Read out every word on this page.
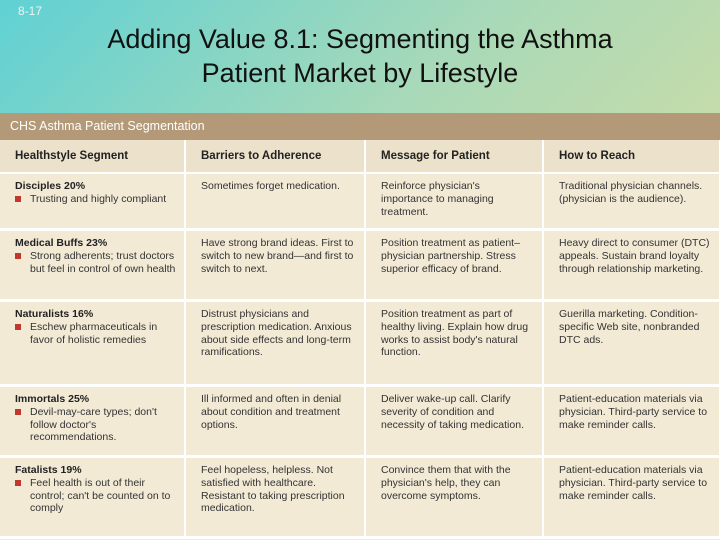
8-17
Adding Value 8.1: Segmenting the Asthma
Patient Market by Lifestyle
CHS Asthma Patient Segmentation
Healthstyle Segment	Barriers to Adherence	Message for Patient	How to Reach

Disciples 20%
Trusting and highly compliant	Sometimes forget medication.	Reinforce physician's importance to managing treatment.	Traditional physician channels. (physician is the audience).

Medical Buffs 23%
Strong adherents; trust doctors but feel in control of own health	Have strong brand ideas. First to switch to new brand—and first to switch to next.	Position treatment as patient–physician partnership. Stress superior efficacy of brand.	Heavy direct to consumer (DTC) appeals. Sustain brand loyalty through relationship marketing.

Naturalists 16%
Eschew pharmaceuticals in favor of holistic remedies	Distrust physicians and prescription medication. Anxious about side effects and long-term ramifications.	Position treatment as part of healthy living. Explain how drug works to assist body's natural function.	Guerilla marketing. Condition-specific Web site, nonbranded DTC ads.

Immortals 25%
Devil-may-care types; don't follow doctor's recommendations.	Ill informed and often in denial about condition and treatment options.	Deliver wake-up call. Clarify severity of condition and necessity of taking medication.	Patient-education materials via physician. Third-party service to make reminder calls.

Fatalists 19%
Feel health is out of their control; can't be counted on to comply	Feel hopeless, helpless. Not satisfied with healthcare. Resistant to taking prescription medication.	Convince them that with the physician's help, they can overcome symptoms.	Patient-education materials via physician. Third-party service to make reminder calls.
